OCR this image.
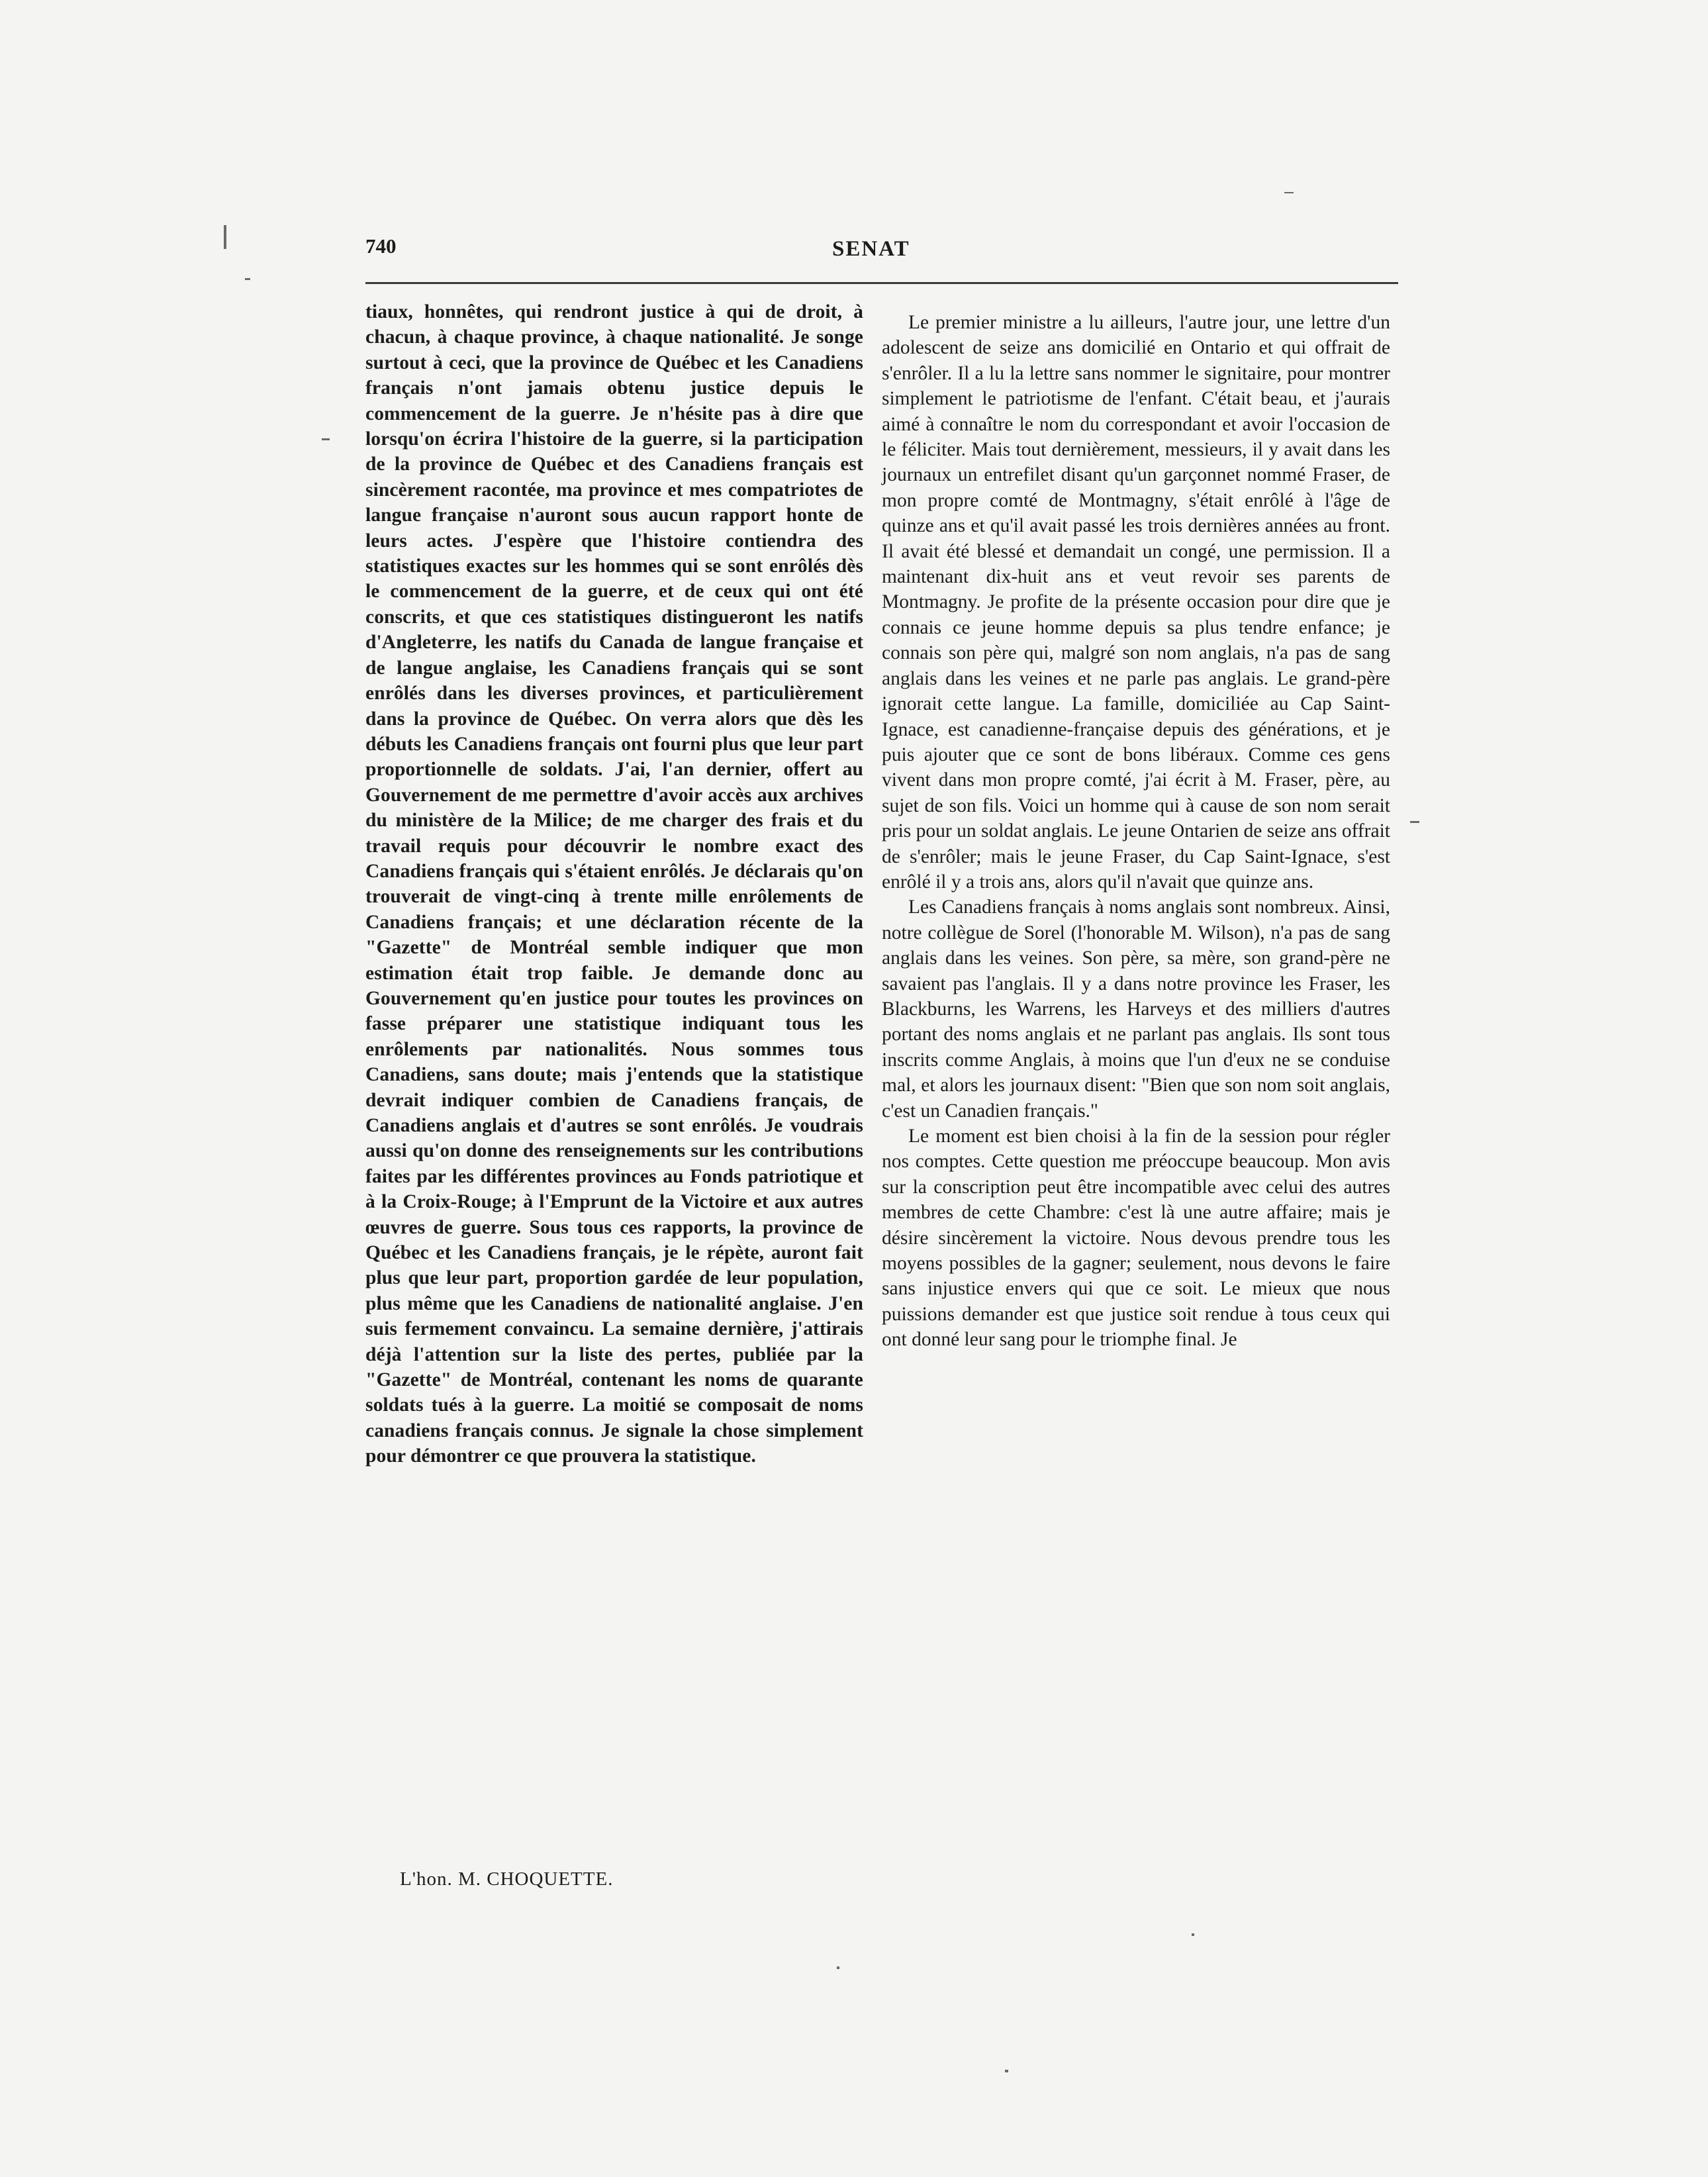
740	SENAT

tiaux, honnêtes, qui rendront justice à qui de droit, à chacun, à chaque province, à chaque nationalité. Je songe surtout à ceci, que la province de Québec et les Canadiens français n'ont jamais obtenu justice depuis le commencement de la guerre. Je n'hésite pas à dire que lorsqu'on écrira l'histoire de la guerre, si la participation de la province de Québec et des Canadiens français est sincèrement racontée, ma province et mes compatriotes de langue française n'auront sous aucun rapport honte de leurs actes. J'espère que l'histoire contiendra des statistiques exactes sur les hommes qui se sont enrôlés dès le commencement de la guerre, et de ceux qui ont été conscrits, et que ces statistiques distingueront les natifs d'Angleterre, les natifs du Canada de langue française et de langue anglaise, les Canadiens français qui se sont enrôlés dans les diverses provinces, et particulièrement dans la province de Québec. On verra alors que dès les débuts les Canadiens français ont fourni plus que leur part proportionnelle de soldats. J'ai, l'an dernier, offert au Gouvernement de me permettre d'avoir accès aux archives du ministère de la Milice; de me charger des frais et du travail requis pour découvrir le nombre exact des Canadiens français qui s'étaient enrôlés. Je déclarais qu'on trouverait de vingt-cinq à trente mille enrôlements de Canadiens français; et une déclaration récente de la "Gazette" de Montréal semble indiquer que mon estimation était trop faible. Je demande donc au Gouvernement qu'en justice pour toutes les provinces on fasse préparer une statistique indiquant tous les enrôlements par nationalités. Nous sommes tous Canadiens, sans doute; mais j'entends que la statistique devrait indiquer combien de Canadiens français, de Canadiens anglais et d'autres se sont enrôlés. Je voudrais aussi qu'on donne des renseignements sur les contributions faites par les différentes provinces au Fonds patriotique et à la Croix-Rouge; à l'Emprunt de la Victoire et aux autres œuvres de guerre. Sous tous ces rapports, la province de Québec et les Canadiens français, je le répète, auront fait plus que leur part, proportion gardée de leur population, plus même que les Canadiens de nationalité anglaise. J'en suis fermement convaincu. La semaine dernière, j'attirais déjà l'attention sur la liste des pertes, publiée par la "Gazette" de Montréal, contenant les noms de quarante soldats tués à la guerre. La moitié se composait de noms canadiens français connus. Je signale la chose simplement pour démontrer ce que prouvera la statistique.

L'hon. M. CHOQUETTE.

Le premier ministre a lu ailleurs, l'autre jour, une lettre d'un adolescent de seize ans domicilié en Ontario et qui offrait de s'enrôler. Il a lu la lettre sans nommer le signitaire, pour montrer simplement le patriotisme de l'enfant. C'était beau, et j'aurais aimé à connaître le nom du correspondant et avoir l'occasion de le féliciter. Mais tout dernièrement, messieurs, il y avait dans les journaux un entrefilet disant qu'un garçonnet nommé Fraser, de mon propre comté de Montmagny, s'était enrôlé à l'âge de quinze ans et qu'il avait passé les trois dernières années au front. Il avait été blessé et demandait un congé, une permission. Il a maintenant dix-huit ans et veut revoir ses parents de Montmagny. Je profite de la présente occasion pour dire que je connais ce jeune homme depuis sa plus tendre enfance; je connais son père qui, malgré son nom anglais, n'a pas de sang anglais dans les veines et ne parle pas anglais. Le grand-père ignorait cette langue. La famille, domiciliée au Cap Saint-Ignace, est canadienne-française depuis des générations, et je puis ajouter que ce sont de bons libéraux. Comme ces gens vivent dans mon propre comté, j'ai écrit à M. Fraser, père, au sujet de son fils. Voici un homme qui à cause de son nom serait pris pour un soldat anglais. Le jeune Ontarien de seize ans offrait de s'enrôler; mais le jeune Fraser, du Cap Saint-Ignace, s'est enrôlé il y a trois ans, alors qu'il n'avait que quinze ans.

Les Canadiens français à noms anglais sont nombreux. Ainsi, notre collègue de Sorel (l'honorable M. Wilson), n'a pas de sang anglais dans les veines. Son père, sa mère, son grand-père ne savaient pas l'anglais. Il y a dans notre province les Fraser, les Blackburns, les Warrens, les Harveys et des milliers d'autres portant des noms anglais et ne parlant pas anglais. Ils sont tous inscrits comme Anglais, à moins que l'un d'eux ne se conduise mal, et alors les journaux disent: "Bien que son nom soit anglais, c'est un Canadien français."

Le moment est bien choisi à la fin de la session pour régler nos comptes. Cette question me préoccupe beaucoup. Mon avis sur la conscription peut être incompatible avec celui des autres membres de cette Chambre: c'est là une autre affaire; mais je désire sincèrement la victoire. Nous devous prendre tous les moyens possibles de la gagner; seulement, nous devons le faire sans injustice envers qui que ce soit. Le mieux que nous puissions demander est que justice soit rendue à tous ceux qui ont donné leur sang pour le triomphe final. Je
